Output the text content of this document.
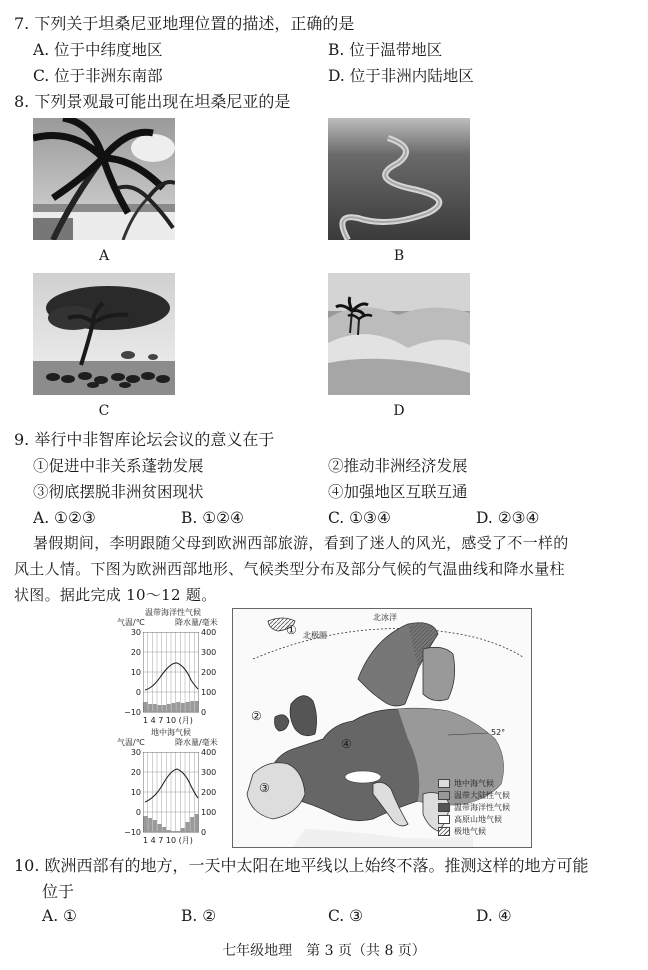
7. 下列关于坦桑尼亚地理位置的描述，正确的是
A. 位于中纬度地区	B. 位于温带地区
C. 位于非洲东南部	D. 位于非洲内陆地区
8. 下列景观最可能出现在坦桑尼亚的是
A	B
C	D
9. 举行中非智库论坛会议的意义在于
①促进中非关系蓬勃发展	②推动非洲经济发展
③彻底摆脱非洲贫困现状	④加强地区互联互通
A. ①②③	B. ①②④	C. ①③④	D. ②③④
暑假期间，李明跟随父母到欧洲西部旅游，看到了迷人的风光，感受了不一样的
风土人情。下图为欧洲西部地形、气候类型分布及部分气候的气温曲线和降水量柱
状图。据此完成 10～12 题。
温带海洋性气候
气温/℃	降水量/毫米
30
20
10
0
−10
400
300
200
100
0
1 4 7 10 (月)
地中海气候
气温/℃	降水量/毫米
30
20
10
0
−10
400
300
200
100
0
1 4 7 10 (月)
北极圈
北冰洋
①
②
③
④
52°
地中海气候
温带大陆性气候
温带海洋性气候
高原山地气候
极地气候
10. 欧洲西部有的地方，一天中太阳在地平线以上始终不落。推测这样的地方可能
位于
A. ①	B. ②	C. ③	D. ④
七年级地理　第 3 页（共 8 页）
